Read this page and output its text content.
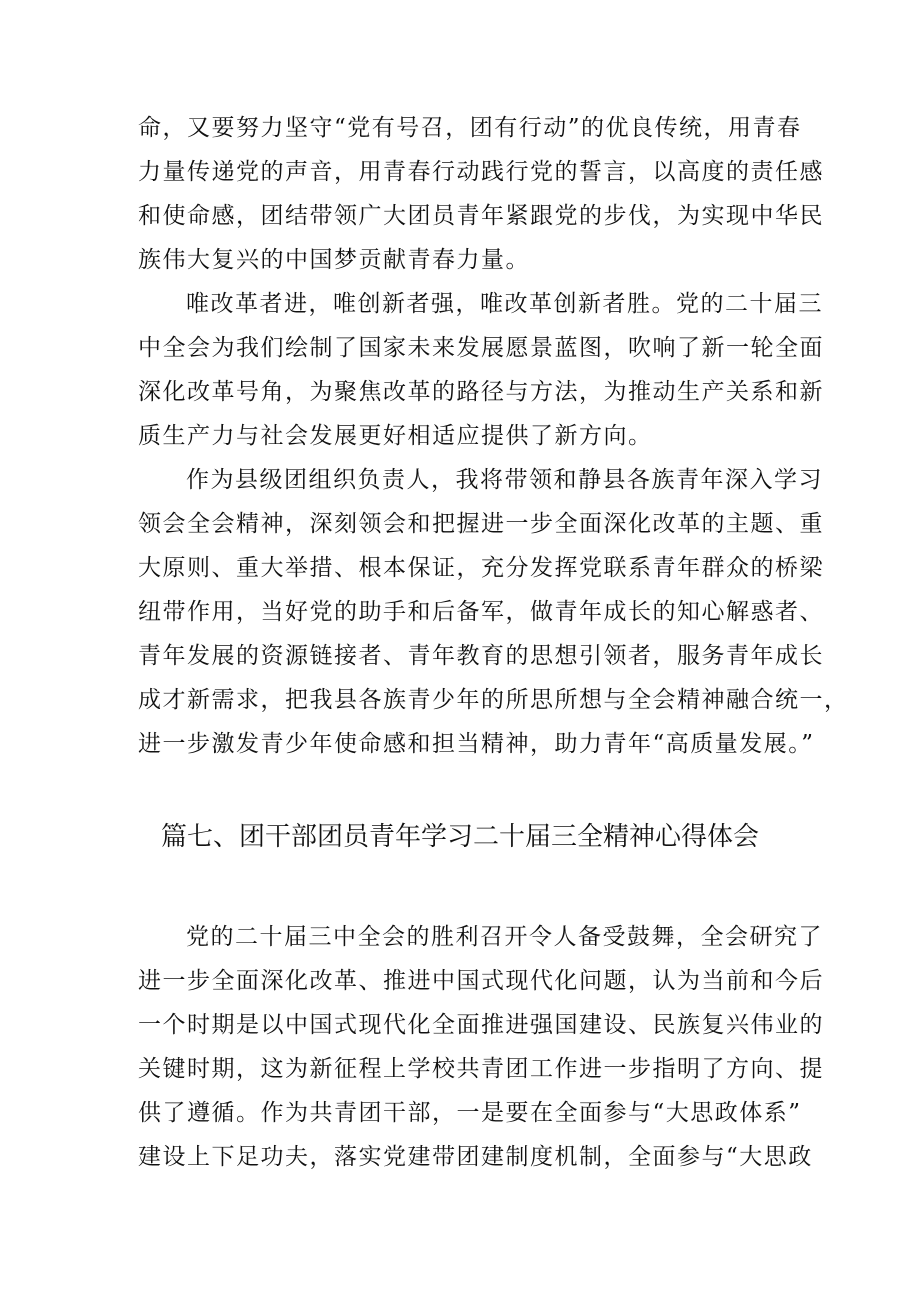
命，又要努力坚守“党有号召，团有行动”的优良传统，用青春
力量传递党的声音，用青春行动践行党的誓言，以高度的责任感
和使命感，团结带领广大团员青年紧跟党的步伐，为实现中华民
族伟大复兴的中国梦贡献青春力量。
唯改革者进，唯创新者强，唯改革创新者胜。党的二十届三
中全会为我们绘制了国家未来发展愿景蓝图，吹响了新一轮全面
深化改革号角，为聚焦改革的路径与方法，为推动生产关系和新
质生产力与社会发展更好相适应提供了新方向。
作为县级团组织负责人，我将带领和静县各族青年深入学习
领会全会精神，深刻领会和把握进一步全面深化改革的主题、重
大原则、重大举措、根本保证，充分发挥党联系青年群众的桥梁
纽带作用，当好党的助手和后备军，做青年成长的知心解惑者、
青年发展的资源链接者、青年教育的思想引领者，服务青年成长
成才新需求，把我县各族青少年的所思所想与全会精神融合统一，
进一步激发青少年使命感和担当精神，助力青年“高质量发展。”
篇七、团干部团员青年学习二十届三全精神心得体会
党的二十届三中全会的胜利召开令人备受鼓舞，全会研究了
进一步全面深化改革、推进中国式现代化问题，认为当前和今后
一个时期是以中国式现代化全面推进强国建设、民族复兴伟业的
关键时期，这为新征程上学校共青团工作进一步指明了方向、提
供了遵循。作为共青团干部，一是要在全面参与“大思政体系”
建设上下足功夫，落实党建带团建制度机制，全面参与“大思政
